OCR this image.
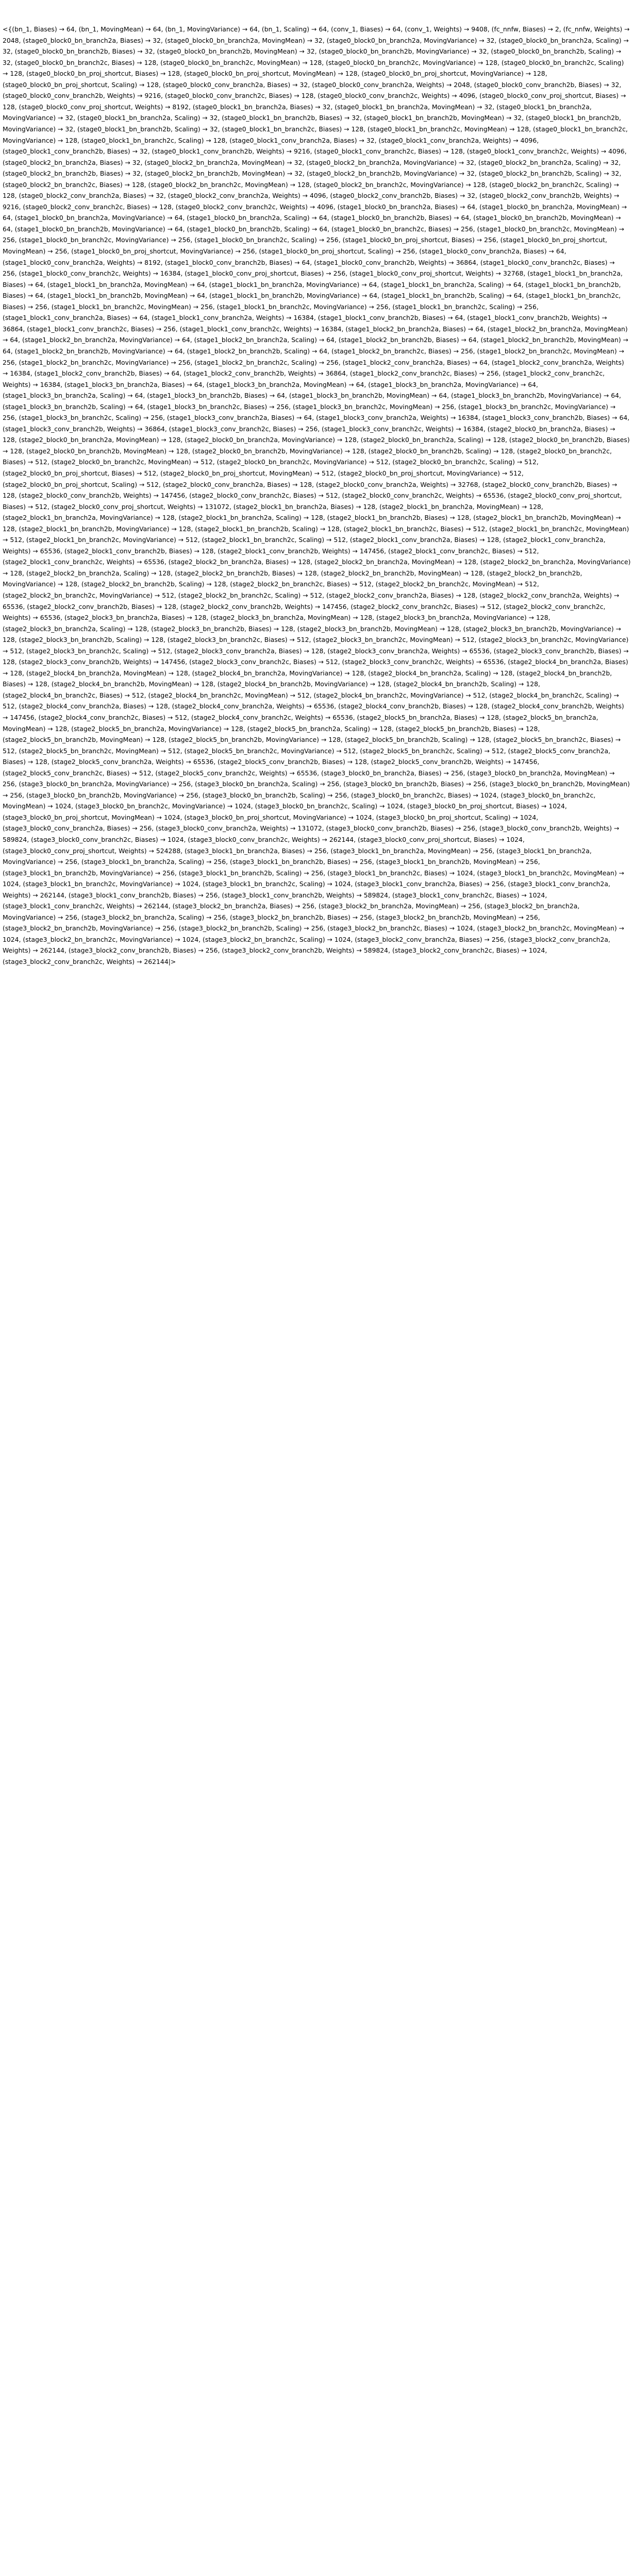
<{(bn_1, Biases) → 64, (bn_1, MovingMean) → 64, (bn_1, MovingVariance) → 64, (bn_1, Scaling) → 64, (conv_1, Biases) → 64, (conv_1, Weights) → 9408, (fc_nnfw, Biases) → 2, (fc_nnfw, Weights) → 2048, (stage0_block0_bn_branch2a, Biases) → 32, (stage0_block0_bn_branch2a, MovingMean) → 32, (stage0_block0_bn_branch2a, MovingVariance) → 32, (stage0_block0_bn_branch2a, Scaling) → 32, (stage0_block0_bn_branch2b, Biases) → 32, (stage0_block0_bn_branch2b, MovingMean) → 32, (stage0_block0_bn_branch2b, MovingVariance) → 32, (stage0_block0_bn_branch2b, Scaling) → 32, (stage0_block0_bn_branch2c, Biases) → 128, (stage0_block0_bn_branch2c, MovingMean) → 128, (stage0_block0_bn_branch2c, MovingVariance) → 128, (stage0_block0_bn_branch2c, Scaling) → 128, (stage0_block0_bn_proj_shortcut, Biases) → 128, (stage0_block0_bn_proj_shortcut, MovingMean) → 128, (stage0_block0_bn_proj_shortcut, MovingVariance) → 128, (stage0_block0_bn_proj_shortcut, Scaling) → 128, (stage0_block0_conv_branch2a, Biases) → 32, (stage0_block0_conv_branch2a, Weights) → 2048, (stage0_block0_conv_branch2b, Biases) → 32, (stage0_block0_conv_branch2b, Weights) → 9216, (stage0_block0_conv_branch2c, Biases) → 128, (stage0_block0_conv_branch2c, Weights) → 4096, (stage0_block0_conv_proj_shortcut, Biases) → 128, (stage0_block0_conv_proj_shortcut, Weights) → 8192, (stage0_block1_bn_branch2a, Biases) → 32, (stage0_block1_bn_branch2a, MovingMean) → 32, (stage0_block1_bn_branch2a, MovingVariance) → 32, (stage0_block1_bn_branch2a, Scaling) → 32, (stage0_block1_bn_branch2b, Biases) → 32, (stage0_block1_bn_branch2b, MovingMean) → 32, (stage0_block1_bn_branch2b, MovingVariance) → 32, (stage0_block1_bn_branch2b, Scaling) → 32, (stage0_block1_bn_branch2c, Biases) → 128, (stage0_block1_bn_branch2c, MovingMean) → 128, (stage0_block1_bn_branch2c, MovingVariance) → 128, (stage0_block1_bn_branch2c, Scaling) → 128, (stage0_block1_conv_branch2a, Biases) → 32, (stage0_block1_conv_branch2a, Weights) → 4096, (stage0_block1_conv_branch2b, Biases) → 32, (stage0_block1_conv_branch2b, Weights) → 9216, (stage0_block1_conv_branch2c, Biases) → 128, (stage0_block1_conv_branch2c, Weights) → 4096, (stage0_block2_bn_branch2a, Biases) → 32, (stage0_block2_bn_branch2a, MovingMean) → 32, (stage0_block2_bn_branch2a, MovingVariance) → 32, (stage0_block2_bn_branch2a, Scaling) → 32, (stage0_block2_bn_branch2b, Biases) → 32, (stage0_block2_bn_branch2b, MovingMean) → 32, (stage0_block2_bn_branch2b, MovingVariance) → 32, (stage0_block2_bn_branch2b, Scaling) → 32, (stage0_block2_bn_branch2c, Biases) → 128, (stage0_block2_bn_branch2c, MovingMean) → 128, (stage0_block2_bn_branch2c, MovingVariance) → 128, (stage0_block2_bn_branch2c, Scaling) → 128, (stage0_block2_conv_branch2a, Biases) → 32, (stage0_block2_conv_branch2a, Weights) → 4096, (stage0_block2_conv_branch2b, Biases) → 32, (stage0_block2_conv_branch2b, Weights) → 9216, (stage0_block2_conv_branch2c, Biases) → 128, (stage0_block2_conv_branch2c, Weights) → 4096, (stage1_block0_bn_branch2a, Biases) → 64, (stage1_block0_bn_branch2a, MovingMean) → 64, (stage1_block0_bn_branch2a, MovingVariance) → 64, (stage1_block0_bn_branch2a, Scaling) → 64, (stage1_block0_bn_branch2b, Biases) → 64, (stage1_block0_bn_branch2b, MovingMean) → 64, (stage1_block0_bn_branch2b, MovingVariance) → 64, (stage1_block0_bn_branch2b, Scaling) → 64, (stage1_block0_bn_branch2c, Biases) → 256, (stage1_block0_bn_branch2c, MovingMean) → 256, (stage1_block0_bn_branch2c, MovingVariance) → 256, (stage1_block0_bn_branch2c, Scaling) → 256, (stage1_block0_bn_proj_shortcut, Biases) → 256, (stage1_block0_bn_proj_shortcut, MovingMean) → 256, (stage1_block0_bn_proj_shortcut, MovingVariance) → 256, (stage1_block0_bn_proj_shortcut, Scaling) → 256, (stage1_block0_conv_branch2a, Biases) → 64, (stage1_block0_conv_branch2a, Weights) → 8192, (stage1_block0_conv_branch2b, Biases) → 64, (stage1_block0_conv_branch2b, Weights) → 36864, (stage1_block0_conv_branch2c, Biases) → 256, (stage1_block0_conv_branch2c, Weights) → 16384, (stage1_block0_conv_proj_shortcut, Biases) → 256, (stage1_block0_conv_proj_shortcut, Weights) → 32768, (stage1_block1_bn_branch2a, Biases) → 64, (stage1_block1_bn_branch2a, MovingMean) → 64, (stage1_block1_bn_branch2a, MovingVariance) → 64, (stage1_block1_bn_branch2a, Scaling) → 64, (stage1_block1_bn_branch2b, Biases) → 64, (stage1_block1_bn_branch2b, MovingMean) → 64, (stage1_block1_bn_branch2b, MovingVariance) → 64, (stage1_block1_bn_branch2b, Scaling) → 64, (stage1_block1_bn_branch2c, Biases) → 256, (stage1_block1_bn_branch2c, MovingMean) → 256, (stage1_block1_bn_branch2c, MovingVariance) → 256, (stage1_block1_bn_branch2c, Scaling) → 256, (stage1_block1_conv_branch2a, Biases) → 64, (stage1_block1_conv_branch2a, Weights) → 16384, (stage1_block1_conv_branch2b, Biases) → 64, (stage1_block1_conv_branch2b, Weights) → 36864, (stage1_block1_conv_branch2c, Biases) → 256, (stage1_block1_conv_branch2c, Weights) → 16384, (stage1_block2_bn_branch2a, Biases) → 64, (stage1_block2_bn_branch2a, MovingMean) → 64, (stage1_block2_bn_branch2a, MovingVariance) → 64, (stage1_block2_bn_branch2a, Scaling) → 64, (stage1_block2_bn_branch2b, Biases) → 64, (stage1_block2_bn_branch2b, MovingMean) → 64, (stage1_block2_bn_branch2b, MovingVariance) → 64, (stage1_block2_bn_branch2b, Scaling) → 64, (stage1_block2_bn_branch2c, Biases) → 256, (stage1_block2_bn_branch2c, MovingMean) → 256, (stage1_block2_bn_branch2c, MovingVariance) → 256, (stage1_block2_bn_branch2c, Scaling) → 256, (stage1_block2_conv_branch2a, Biases) → 64, (stage1_block2_conv_branch2a, Weights) → 16384, (stage1_block2_conv_branch2b, Biases) → 64, (stage1_block2_conv_branch2b, Weights) → 36864, (stage1_block2_conv_branch2c, Biases) → 256, (stage1_block2_conv_branch2c, Weights) → 16384, (stage1_block3_bn_branch2a, Biases) → 64, (stage1_block3_bn_branch2a, MovingMean) → 64, (stage1_block3_bn_branch2a, MovingVariance) → 64, (stage1_block3_bn_branch2a, Scaling) → 64, (stage1_block3_bn_branch2b, Biases) → 64, (stage1_block3_bn_branch2b, MovingMean) → 64, (stage1_block3_bn_branch2b, MovingVariance) → 64, (stage1_block3_bn_branch2b, Scaling) → 64, (stage1_block3_bn_branch2c, Biases) → 256, (stage1_block3_bn_branch2c, MovingMean) → 256, (stage1_block3_bn_branch2c, MovingVariance) → 256, (stage1_block3_bn_branch2c, Scaling) → 256, (stage1_block3_conv_branch2a, Biases) → 64, (stage1_block3_conv_branch2a, Weights) → 16384, (stage1_block3_conv_branch2b, Biases) → 64, (stage1_block3_conv_branch2b, Weights) → 36864, (stage1_block3_conv_branch2c, Biases) → 256, (stage1_block3_conv_branch2c, Weights) → 16384, (stage2_block0_bn_branch2a, Biases) → 128, (stage2_block0_bn_branch2a, MovingMean) → 128, (stage2_block0_bn_branch2a, MovingVariance) → 128, (stage2_block0_bn_branch2a, Scaling) → 128, (stage2_block0_bn_branch2b, Biases) → 128, (stage2_block0_bn_branch2b, MovingMean) → 128, (stage2_block0_bn_branch2b, MovingVariance) → 128, (stage2_block0_bn_branch2b, Scaling) → 128, (stage2_block0_bn_branch2c, Biases) → 512, (stage2_block0_bn_branch2c, MovingMean) → 512, (stage2_block0_bn_branch2c, MovingVariance) → 512, (stage2_block0_bn_branch2c, Scaling) → 512, (stage2_block0_bn_proj_shortcut, Biases) → 512, (stage2_block0_bn_proj_shortcut, MovingMean) → 512, (stage2_block0_bn_proj_shortcut, MovingVariance) → 512, (stage2_block0_bn_proj_shortcut, Scaling) → 512, (stage2_block0_conv_branch2a, Biases) → 128, (stage2_block0_conv_branch2a, Weights) → 32768, (stage2_block0_conv_branch2b, Biases) → 128, (stage2_block0_conv_branch2b, Weights) → 147456, (stage2_block0_conv_branch2c, Biases) → 512, (stage2_block0_conv_branch2c, Weights) → 65536, (stage2_block0_conv_proj_shortcut, Biases) → 512, (stage2_block0_conv_proj_shortcut, Weights) → 131072, (stage2_block1_bn_branch2a, Biases) → 128, (stage2_block1_bn_branch2a, MovingMean) → 128, (stage2_block1_bn_branch2a, MovingVariance) → 128, (stage2_block1_bn_branch2a, Scaling) → 128, (stage2_block1_bn_branch2b, Biases) → 128, (stage2_block1_bn_branch2b, MovingMean) → 128, (stage2_block1_bn_branch2b, MovingVariance) → 128, (stage2_block1_bn_branch2b, Scaling) → 128, (stage2_block1_bn_branch2c, Biases) → 512, (stage2_block1_bn_branch2c, MovingMean) → 512, (stage2_block1_bn_branch2c, MovingVariance) → 512, (stage2_block1_bn_branch2c, Scaling) → 512, (stage2_block1_conv_branch2a, Biases) → 128, (stage2_block1_conv_branch2a, Weights) → 65536, (stage2_block1_conv_branch2b, Biases) → 128, (stage2_block1_conv_branch2b, Weights) → 147456, (stage2_block1_conv_branch2c, Biases) → 512, (stage2_block1_conv_branch2c, Weights) → 65536, (stage2_block2_bn_branch2a, Biases) → 128, (stage2_block2_bn_branch2a, MovingMean) → 128, (stage2_block2_bn_branch2a, MovingVariance) → 128, (stage2_block2_bn_branch2a, Scaling) → 128, (stage2_block2_bn_branch2b, Biases) → 128, (stage2_block2_bn_branch2b, MovingMean) → 128, (stage2_block2_bn_branch2b, MovingVariance) → 128, (stage2_block2_bn_branch2b, Scaling) → 128, (stage2_block2_bn_branch2c, Biases) → 512, (stage2_block2_bn_branch2c, MovingMean) → 512, (stage2_block2_bn_branch2c, MovingVariance) → 512, (stage2_block2_bn_branch2c, Scaling) → 512, (stage2_block2_conv_branch2a, Biases) → 128, (stage2_block2_conv_branch2a, Weights) → 65536, (stage2_block2_conv_branch2b, Biases) → 128, (stage2_block2_conv_branch2b, Weights) → 147456, (stage2_block2_conv_branch2c, Biases) → 512, (stage2_block2_conv_branch2c, Weights) → 65536, (stage2_block3_bn_branch2a, Biases) → 128, (stage2_block3_bn_branch2a, MovingMean) → 128, (stage2_block3_bn_branch2a, MovingVariance) → 128, (stage2_block3_bn_branch2a, Scaling) → 128, (stage2_block3_bn_branch2b, Biases) → 128, (stage2_block3_bn_branch2b, MovingMean) → 128, (stage2_block3_bn_branch2b, MovingVariance) → 128, (stage2_block3_bn_branch2b, Scaling) → 128, (stage2_block3_bn_branch2c, Biases) → 512, (stage2_block3_bn_branch2c, MovingMean) → 512, (stage2_block3_bn_branch2c, MovingVariance) → 512, (stage2_block3_bn_branch2c, Scaling) → 512, (stage2_block3_conv_branch2a, Biases) → 128, (stage2_block3_conv_branch2a, Weights) → 65536, (stage2_block3_conv_branch2b, Biases) → 128, (stage2_block3_conv_branch2b, Weights) → 147456, (stage2_block3_conv_branch2c, Biases) → 512, (stage2_block3_conv_branch2c, Weights) → 65536, (stage2_block4_bn_branch2a, Biases) → 128, (stage2_block4_bn_branch2a, MovingMean) → 128, (stage2_block4_bn_branch2a, MovingVariance) → 128, (stage2_block4_bn_branch2a, Scaling) → 128, (stage2_block4_bn_branch2b, Biases) → 128, (stage2_block4_bn_branch2b, MovingMean) → 128, (stage2_block4_bn_branch2b, MovingVariance) → 128, (stage2_block4_bn_branch2b, Scaling) → 128, (stage2_block4_bn_branch2c, Biases) → 512, (stage2_block4_bn_branch2c, MovingMean) → 512, (stage2_block4_bn_branch2c, MovingVariance) → 512, (stage2_block4_bn_branch2c, Scaling) → 512, (stage2_block4_conv_branch2a, Biases) → 128, (stage2_block4_conv_branch2a, Weights) → 65536, (stage2_block4_conv_branch2b, Biases) → 128, (stage2_block4_conv_branch2b, Weights) → 147456, (stage2_block4_conv_branch2c, Biases) → 512, (stage2_block4_conv_branch2c, Weights) → 65536, (stage2_block5_bn_branch2a, Biases) → 128, (stage2_block5_bn_branch2a, MovingMean) → 128, (stage2_block5_bn_branch2a, MovingVariance) → 128, (stage2_block5_bn_branch2a, Scaling) → 128, (stage2_block5_bn_branch2b, Biases) → 128, (stage2_block5_bn_branch2b, MovingMean) → 128, (stage2_block5_bn_branch2b, MovingVariance) → 128, (stage2_block5_bn_branch2b, Scaling) → 128, (stage2_block5_bn_branch2c, Biases) → 512, (stage2_block5_bn_branch2c, MovingMean) → 512, (stage2_block5_bn_branch2c, MovingVariance) → 512, (stage2_block5_bn_branch2c, Scaling) → 512, (stage2_block5_conv_branch2a, Biases) → 128, (stage2_block5_conv_branch2a, Weights) → 65536, (stage2_block5_conv_branch2b, Biases) → 128, (stage2_block5_conv_branch2b, Weights) → 147456, (stage2_block5_conv_branch2c, Biases) → 512, (stage2_block5_conv_branch2c, Weights) → 65536, (stage3_block0_bn_branch2a, Biases) → 256, (stage3_block0_bn_branch2a, MovingMean) → 256, (stage3_block0_bn_branch2a, MovingVariance) → 256, (stage3_block0_bn_branch2a, Scaling) → 256, (stage3_block0_bn_branch2b, Biases) → 256, (stage3_block0_bn_branch2b, MovingMean) → 256, (stage3_block0_bn_branch2b, MovingVariance) → 256, (stage3_block0_bn_branch2b, Scaling) → 256, (stage3_block0_bn_branch2c, Biases) → 1024, (stage3_block0_bn_branch2c, MovingMean) → 1024, (stage3_block0_bn_branch2c, MovingVariance) → 1024, (stage3_block0_bn_branch2c, Scaling) → 1024, (stage3_block0_bn_proj_shortcut, Biases) → 1024, (stage3_block0_bn_proj_shortcut, MovingMean) → 1024, (stage3_block0_bn_proj_shortcut, MovingVariance) → 1024, (stage3_block0_bn_proj_shortcut, Scaling) → 1024, (stage3_block0_conv_branch2a, Biases) → 256, (stage3_block0_conv_branch2a, Weights) → 131072, (stage3_block0_conv_branch2b, Biases) → 256, (stage3_block0_conv_branch2b, Weights) → 589824, (stage3_block0_conv_branch2c, Biases) → 1024, (stage3_block0_conv_branch2c, Weights) → 262144, (stage3_block0_conv_proj_shortcut, Biases) → 1024, (stage3_block0_conv_proj_shortcut, Weights) → 524288, (stage3_block1_bn_branch2a, Biases) → 256, (stage3_block1_bn_branch2a, MovingMean) → 256, (stage3_block1_bn_branch2a, MovingVariance) → 256, (stage3_block1_bn_branch2a, Scaling) → 256, (stage3_block1_bn_branch2b, Biases) → 256, (stage3_block1_bn_branch2b, MovingMean) → 256, (stage3_block1_bn_branch2b, MovingVariance) → 256, (stage3_block1_bn_branch2b, Scaling) → 256, (stage3_block1_bn_branch2c, Biases) → 1024, (stage3_block1_bn_branch2c, MovingMean) → 1024, (stage3_block1_bn_branch2c, MovingVariance) → 1024, (stage3_block1_bn_branch2c, Scaling) → 1024, (stage3_block1_conv_branch2a, Biases) → 256, (stage3_block1_conv_branch2a, Weights) → 262144, (stage3_block1_conv_branch2b, Biases) → 256, (stage3_block1_conv_branch2b, Weights) → 589824, (stage3_block1_conv_branch2c, Biases) → 1024, (stage3_block1_conv_branch2c, Weights) → 262144, (stage3_block2_bn_branch2a, Biases) → 256, (stage3_block2_bn_branch2a, MovingMean) → 256, (stage3_block2_bn_branch2a, MovingVariance) → 256, (stage3_block2_bn_branch2a, Scaling) → 256, (stage3_block2_bn_branch2b, Biases) → 256, (stage3_block2_bn_branch2b, MovingMean) → 256, (stage3_block2_bn_branch2b, MovingVariance) → 256, (stage3_block2_bn_branch2b, Scaling) → 256, (stage3_block2_bn_branch2c, Biases) → 1024, (stage3_block2_bn_branch2c, MovingMean) → 1024, (stage3_block2_bn_branch2c, MovingVariance) → 1024, (stage3_block2_bn_branch2c, Scaling) → 1024, (stage3_block2_conv_branch2a, Biases) → 256, (stage3_block2_conv_branch2a, Weights) → 262144, (stage3_block2_conv_branch2b, Biases) → 256, (stage3_block2_conv_branch2b, Weights) → 589824, (stage3_block2_conv_branch2c, Biases) → 1024, (stage3_block2_conv_branch2c, Weights) → 262144|>
